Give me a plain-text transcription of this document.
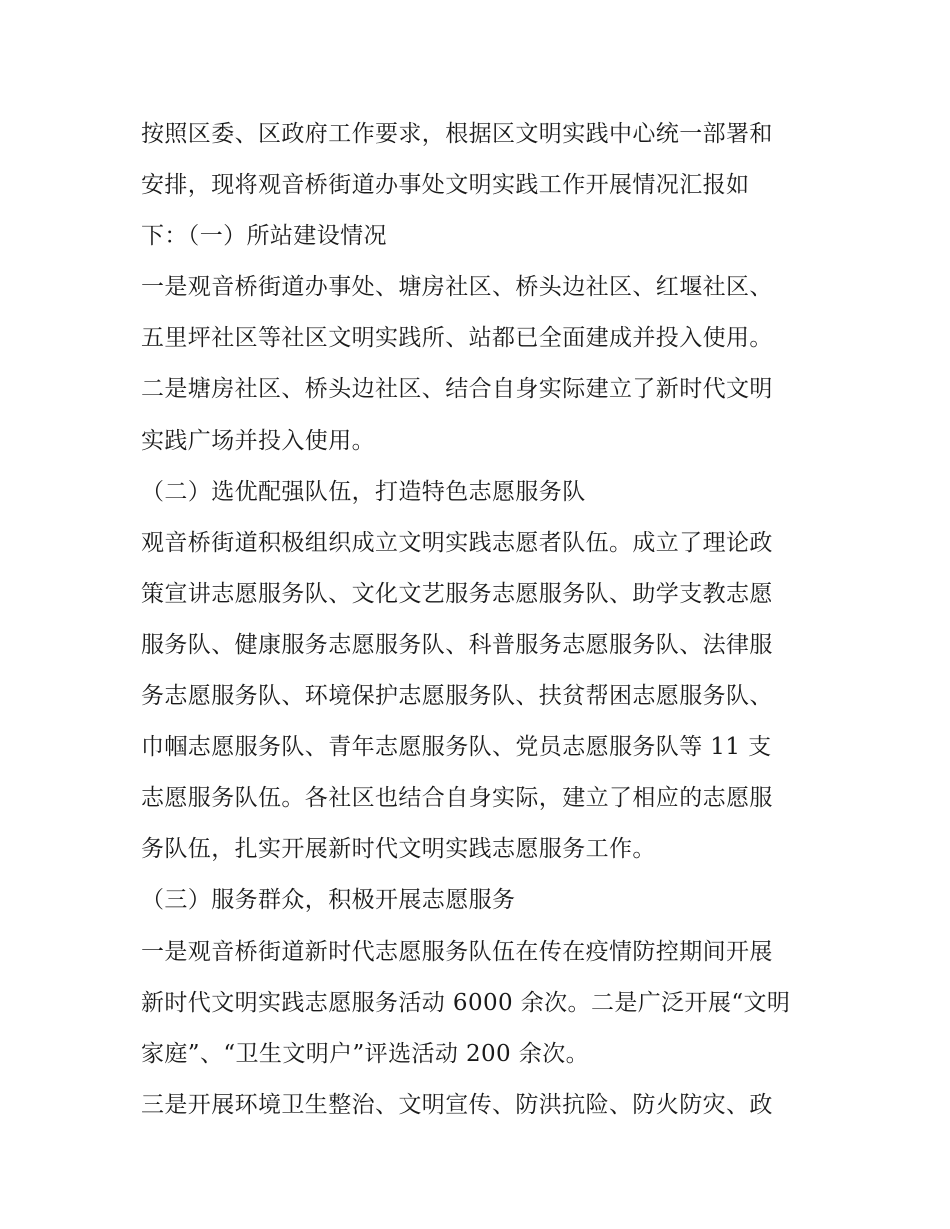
按照区委、区政府工作要求，根据区文明实践中心统一部署和
安排，现将观音桥街道办事处文明实践工作开展情况汇报如
下：（一）所站建设情况
一是观音桥街道办事处、塘房社区、桥头边社区、红堰社区、
五里坪社区等社区文明实践所、站都已全面建成并投入使用。
二是塘房社区、桥头边社区、结合自身实际建立了新时代文明
实践广场并投入使用。
（二）选优配强队伍，打造特色志愿服务队
观音桥街道积极组织成立文明实践志愿者队伍。成立了理论政
策宣讲志愿服务队、文化文艺服务志愿服务队、助学支教志愿
服务队、健康服务志愿服务队、科普服务志愿服务队、法律服
务志愿服务队、环境保护志愿服务队、扶贫帮困志愿服务队、
巾帼志愿服务队、青年志愿服务队、党员志愿服务队等 11 支
志愿服务队伍。各社区也结合自身实际，建立了相应的志愿服
务队伍，扎实开展新时代文明实践志愿服务工作。
（三）服务群众，积极开展志愿服务
一是观音桥街道新时代志愿服务队伍在传在疫情防控期间开展
新时代文明实践志愿服务活动 6000 余次。二是广泛开展“文明
家庭”、“卫生文明户”评选活动 200 余次。
三是开展环境卫生整治、文明宣传、防洪抗险、防火防灾、政
